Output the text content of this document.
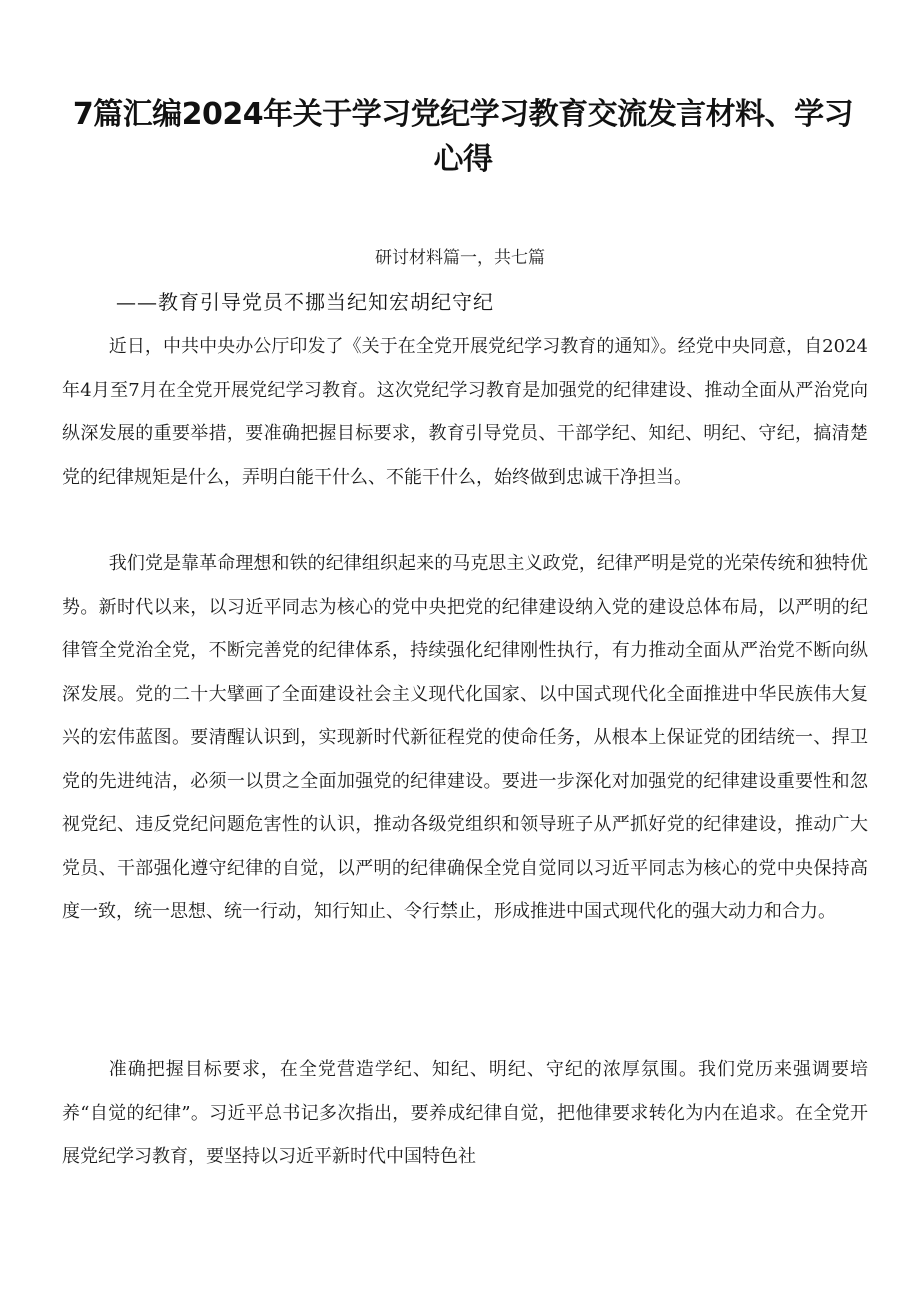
7篇汇编2024年关于学习党纪学习教育交流发言材料、学习心得
研讨材料篇一，共七篇
——教育引导党员不挪当纪知宏胡纪守纪

近日，中共中央办公厅印发了《关于在全党开展党纪学习教育的通知》。经党中央同意，自2024年4月至7月在全党开展党纪学习教育。这次党纪学习教育是加强党的纪律建设、推动全面从严治党向纵深发展的重要举措，要准确把握目标要求，教育引导党员、干部学纪、知纪、明纪、守纪，搞清楚党的纪律规矩是什么，弄明白能干什么、不能干什么，始终做到忠诚干净担当。

我们党是靠革命理想和铁的纪律组织起来的马克思主义政党，纪律严明是党的光荣传统和独特优势。新时代以来，以习近平同志为核心的党中央把党的纪律建设纳入党的建设总体布局，以严明的纪律管全党治全党，不断完善党的纪律体系，持续强化纪律刚性执行，有力推动全面从严治党不断向纵深发展。党的二十大擘画了全面建设社会主义现代化国家、以中国式现代化全面推进中华民族伟大复兴的宏伟蓝图。要清醒认识到，实现新时代新征程党的使命任务，从根本上保证党的团结统一、捍卫党的先进纯洁，必须一以贯之全面加强党的纪律建设。要进一步深化对加强党的纪律建设重要性和忽视党纪、违反党纪问题危害性的认识，推动各级党组织和领导班子从严抓好党的纪律建设，推动广大党员、干部强化遵守纪律的自觉，以严明的纪律确保全党自觉同以习近平同志为核心的党中央保持高度一致，统一思想、统一行动，知行知止、令行禁止，形成推进中国式现代化的强大动力和合力。

准确把握目标要求，在全党营造学纪、知纪、明纪、守纪的浓厚氛围。我们党历来强调要培养“自觉的纪律”。习近平总书记多次指出，要养成纪律自觉，把他律要求转化为内在追求。在全党开展党纪学习教育，要坚持以习近平新时代中国特色社
